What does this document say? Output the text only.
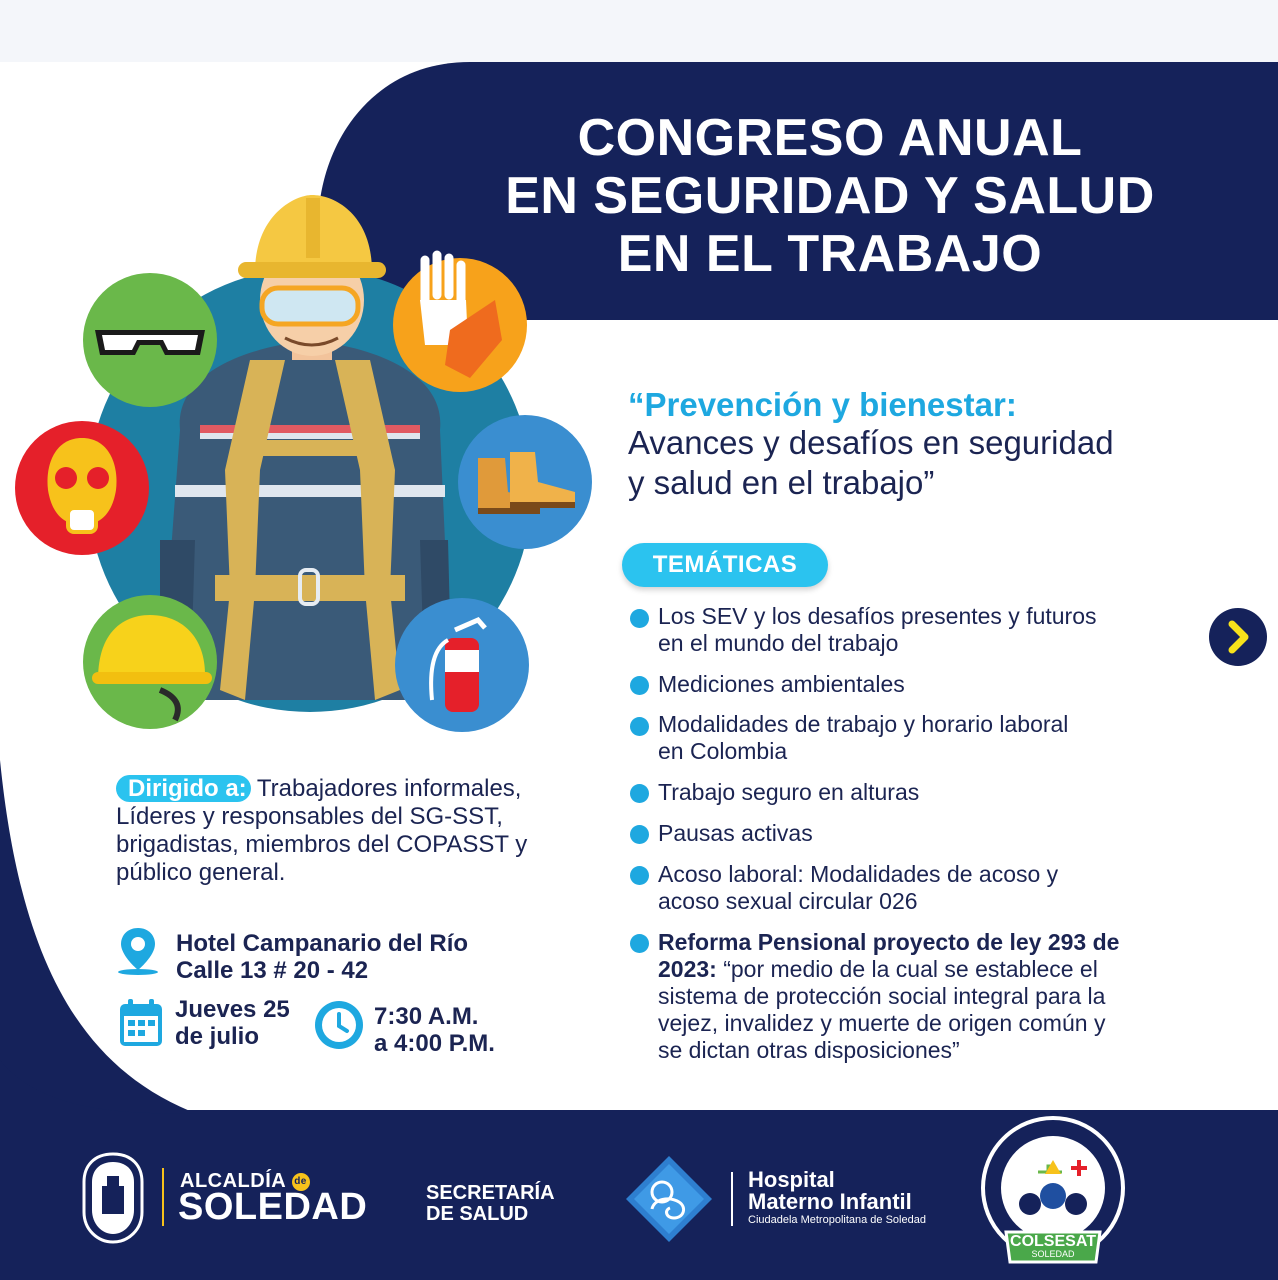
CONGRESO ANUAL
EN SEGURIDAD Y SALUD
EN EL TRABAJO
“Prevención y bienestar:
Avances y desafíos en seguridad
y salud en el trabajo”
TEMÁTICAS
Los SEV y los desafíos presentes y futuros
en el mundo del trabajo
Mediciones ambientales
Modalidades de trabajo y horario laboral
en Colombia
Trabajo seguro en alturas
Pausas activas
Acoso laboral: Modalidades de acoso y
acoso sexual circular 026
Reforma Pensional proyecto de ley 293 de
2023: “por medio de la cual se establece el
sistema de protección social integral para la
vejez, invalidez y muerte de origen común y
se dictan otras disposiciones”
Dirigido a: Trabajadores informales, Líderes y responsables del SG-SST, brigadistas, miembros del COPASST y público general.
Hotel Campanario del Río
Calle 13 # 20 - 42
Jueves 25
de julio
7:30 A.M.
a 4:00 P.M.
ALCALDÍA de
SOLEDAD	SECRETARÍA
DE SALUD
Hospital
Materno Infantil
Ciudadela Metropolitana de Soledad
COLSESAT
SOLEDAD
